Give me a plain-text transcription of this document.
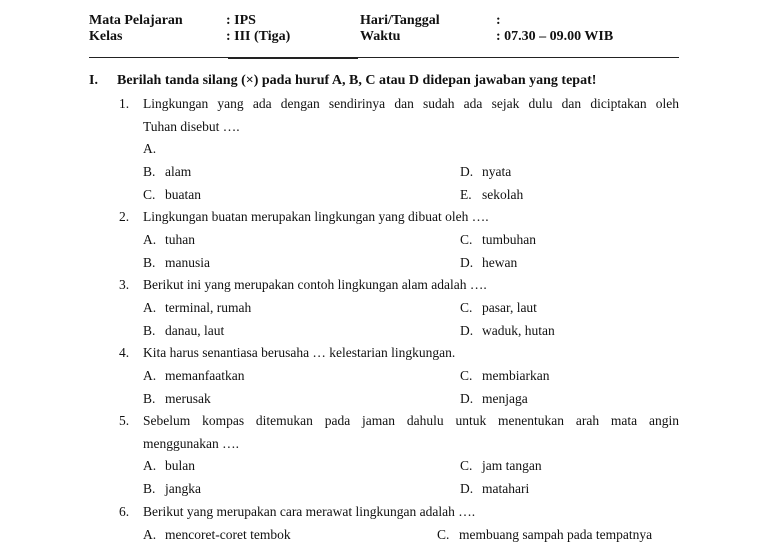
Mata Pelajaran	: IPS	Hari/Tanggal	:
Kelas	: III (Tiga)	Waktu	: 07.30 – 09.00 WIB
I. Berilah tanda silang (×) pada huruf A, B, C atau D didepan jawaban yang tepat!
1. Lingkungan yang ada dengan sendirinya dan sudah ada sejak dulu dan diciptakan oleh
Tuhan disebut ….
A.
B. alam
C. buatan
D. nyata
E. sekolah
2. Lingkungan buatan merupakan lingkungan yang dibuat oleh ….
A. tuhan
B. manusia
C. tumbuhan
D. hewan
3. Berikut ini yang merupakan contoh lingkungan alam adalah ….
A. terminal, rumah
B. danau, laut
C. pasar, laut
D. waduk, hutan
4. Kita harus senantiasa berusaha … kelestarian lingkungan.
A. memanfaatkan
B. merusak
C. membiarkan
D. menjaga
5. Sebelum kompas ditemukan pada jaman dahulu untuk menentukan arah mata angin
menggunakan ….
A. bulan
B. jangka
C. jam tangan
D. matahari
6. Berikut yang merupakan cara merawat lingkungan adalah ….
A. mencoret-coret tembok	C. membuang sampah pada tempatnya
